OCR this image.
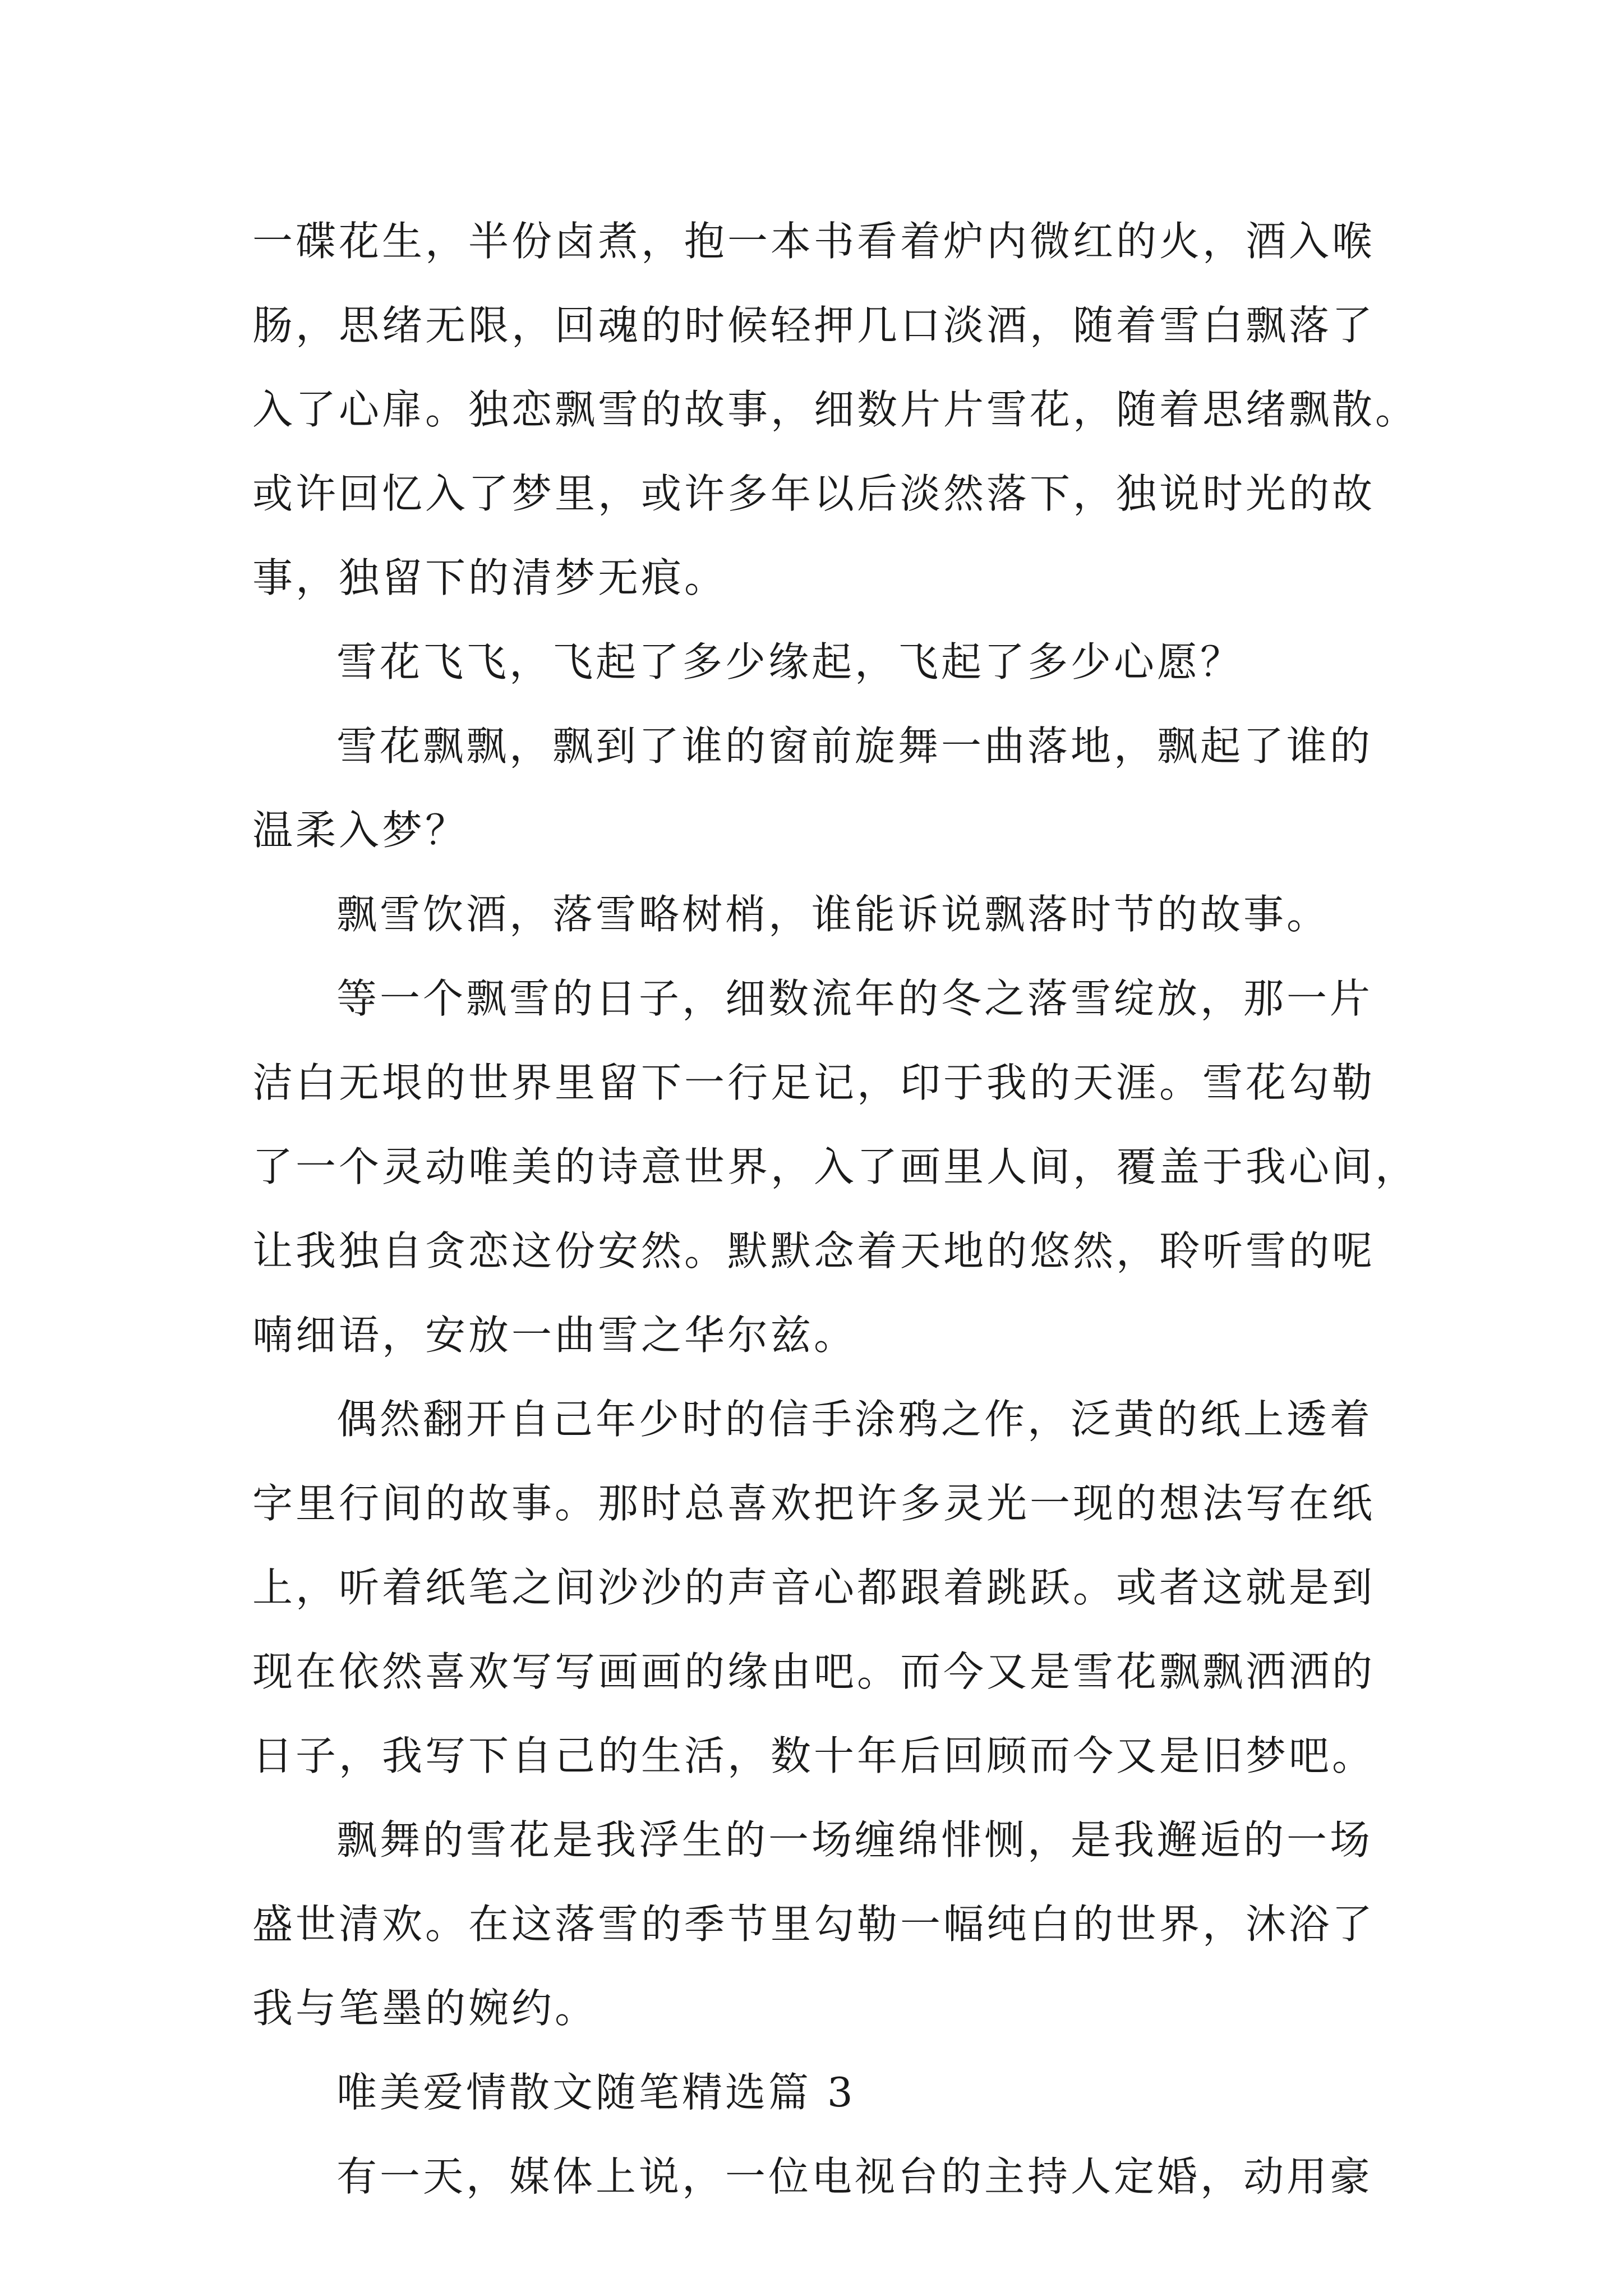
一碟花生，半份卤煮，抱一本书看着炉内微红的火，酒入喉
肠，思绪无限，回魂的时候轻押几口淡酒，随着雪白飘落了
入了心扉。独恋飘雪的故事，细数片片雪花，随着思绪飘散。
或许回忆入了梦里，或许多年以后淡然落下，独说时光的故
事，独留下的清梦无痕。
雪花飞飞，飞起了多少缘起，飞起了多少心愿？
雪花飘飘，飘到了谁的窗前旋舞一曲落地，飘起了谁的
温柔入梦？
飘雪饮酒，落雪略树梢，谁能诉说飘落时节的故事。
等一个飘雪的日子，细数流年的冬之落雪绽放，那一片
洁白无垠的世界里留下一行足记，印于我的天涯。雪花勾勒
了一个灵动唯美的诗意世界，入了画里人间，覆盖于我心间，
让我独自贪恋这份安然。默默念着天地的悠然，聆听雪的呢
喃细语，安放一曲雪之华尔兹。
偶然翻开自己年少时的信手涂鸦之作，泛黄的纸上透着
字里行间的故事。那时总喜欢把许多灵光一现的想法写在纸
上，听着纸笔之间沙沙的声音心都跟着跳跃。或者这就是到
现在依然喜欢写写画画的缘由吧。而今又是雪花飘飘洒洒的
日子，我写下自己的生活，数十年后回顾而今又是旧梦吧。
飘舞的雪花是我浮生的一场缠绵悱恻，是我邂逅的一场
盛世清欢。在这落雪的季节里勾勒一幅纯白的世界，沐浴了
我与笔墨的婉约。
唯美爱情散文随笔精选篇 3
有一天，媒体上说，一位电视台的主持人定婚，动用豪
